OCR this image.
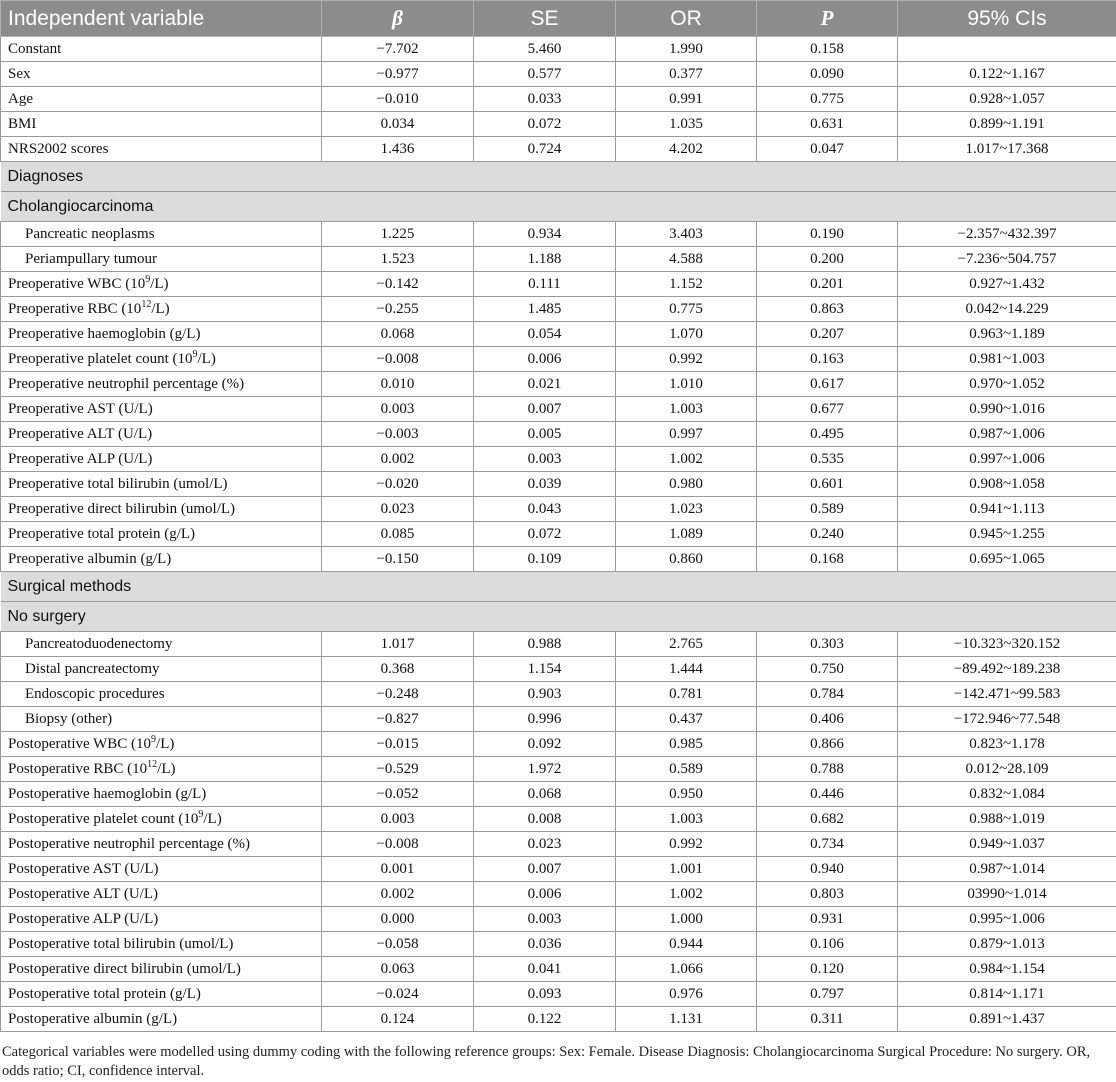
Independent variable	β	SE	OR	P	95% CIs
Constant	−7.702	5.460	1.990	0.158	
Sex	−0.977	0.577	0.377	0.090	0.122~1.167
Age	−0.010	0.033	0.991	0.775	0.928~1.057
BMI	0.034	0.072	1.035	0.631	0.899~1.191
NRS2002 scores	1.436	0.724	4.202	0.047	1.017~17.368
Diagnoses					
Cholangiocarcinoma					
Pancreatic neoplasms	1.225	0.934	3.403	0.190	−2.357~432.397
Periampullary tumour	1.523	1.188	4.588	0.200	−7.236~504.757
Preoperative WBC $(10^9/L)$	−0.142	0.111	1.152	0.201	0.927~1.432
Preoperative RBC $(10^{12}/L)$	−0.255	1.485	0.775	0.863	0.042~14.229
Preoperative haemoglobin (g/L)	0.068	0.054	1.070	0.207	0.963~1.189
Preoperative platelet count $(10^9/L)$	−0.008	0.006	0.992	0.163	0.981~1.003
Preoperative neutrophil percentage (%)	0.010	0.021	1.010	0.617	0.970~1.052
Preoperative AST (U/L)	0.003	0.007	1.003	0.677	0.990~1.016
Preoperative ALT (U/L)	−0.003	0.005	0.997	0.495	0.987~1.006
Preoperative ALP (U/L)	0.002	0.003	1.002	0.535	0.997~1.006
Preoperative total bilirubin (umol/L)	−0.020	0.039	0.980	0.601	0.908~1.058
Preoperative direct bilirubin (umol/L)	0.023	0.043	1.023	0.589	0.941~1.113
Preoperative total protein (g/L)	0.085	0.072	1.089	0.240	0.945~1.255
Preoperative albumin (g/L)	−0.150	0.109	0.860	0.168	0.695~1.065
Surgical methods					
No surgery					
Pancreatoduodenectomy	1.017	0.988	2.765	0.303	−10.323~320.152
Distal pancreatectomy	0.368	1.154	1.444	0.750	−89.492~189.238
Endoscopic procedures	−0.248	0.903	0.781	0.784	−142.471~99.583
Biopsy (other)	−0.827	0.996	0.437	0.406	−172.946~77.548
Postoperative WBC $(10^9/L)$	−0.015	0.092	0.985	0.866	0.823~1.178
Postoperative RBC $(10^{12}/L)$	−0.529	1.972	0.589	0.788	0.012~28.109
Postoperative haemoglobin (g/L)	−0.052	0.068	0.950	0.446	0.832~1.084
Postoperative platelet count $(10^9/L)$	0.003	0.008	1.003	0.682	0.988~1.019
Postoperative neutrophil percentage (%)	−0.008	0.023	0.992	0.734	0.949~1.037
Postoperative AST (U/L)	0.001	0.007	1.001	0.940	0.987~1.014
Postoperative ALT (U/L)	0.002	0.006	1.002	0.803	03990~1.014
Postoperative ALP (U/L)	0.000	0.003	1.000	0.931	0.995~1.006
Postoperative total bilirubin (umol/L)	−0.058	0.036	0.944	0.106	0.879~1.013
Postoperative direct bilirubin (umol/L)	0.063	0.041	1.066	0.120	0.984~1.154
Postoperative total protein (g/L)	−0.024	0.093	0.976	0.797	0.814~1.171
Postoperative albumin (g/L)	0.124	0.122	1.131	0.311	0.891~1.437

Categorical variables were modelled using dummy coding with the following reference groups: Sex: Female. Disease Diagnosis: Cholangiocarcinoma Surgical Procedure: No surgery. OR, odds ratio; CI, confidence interval.
